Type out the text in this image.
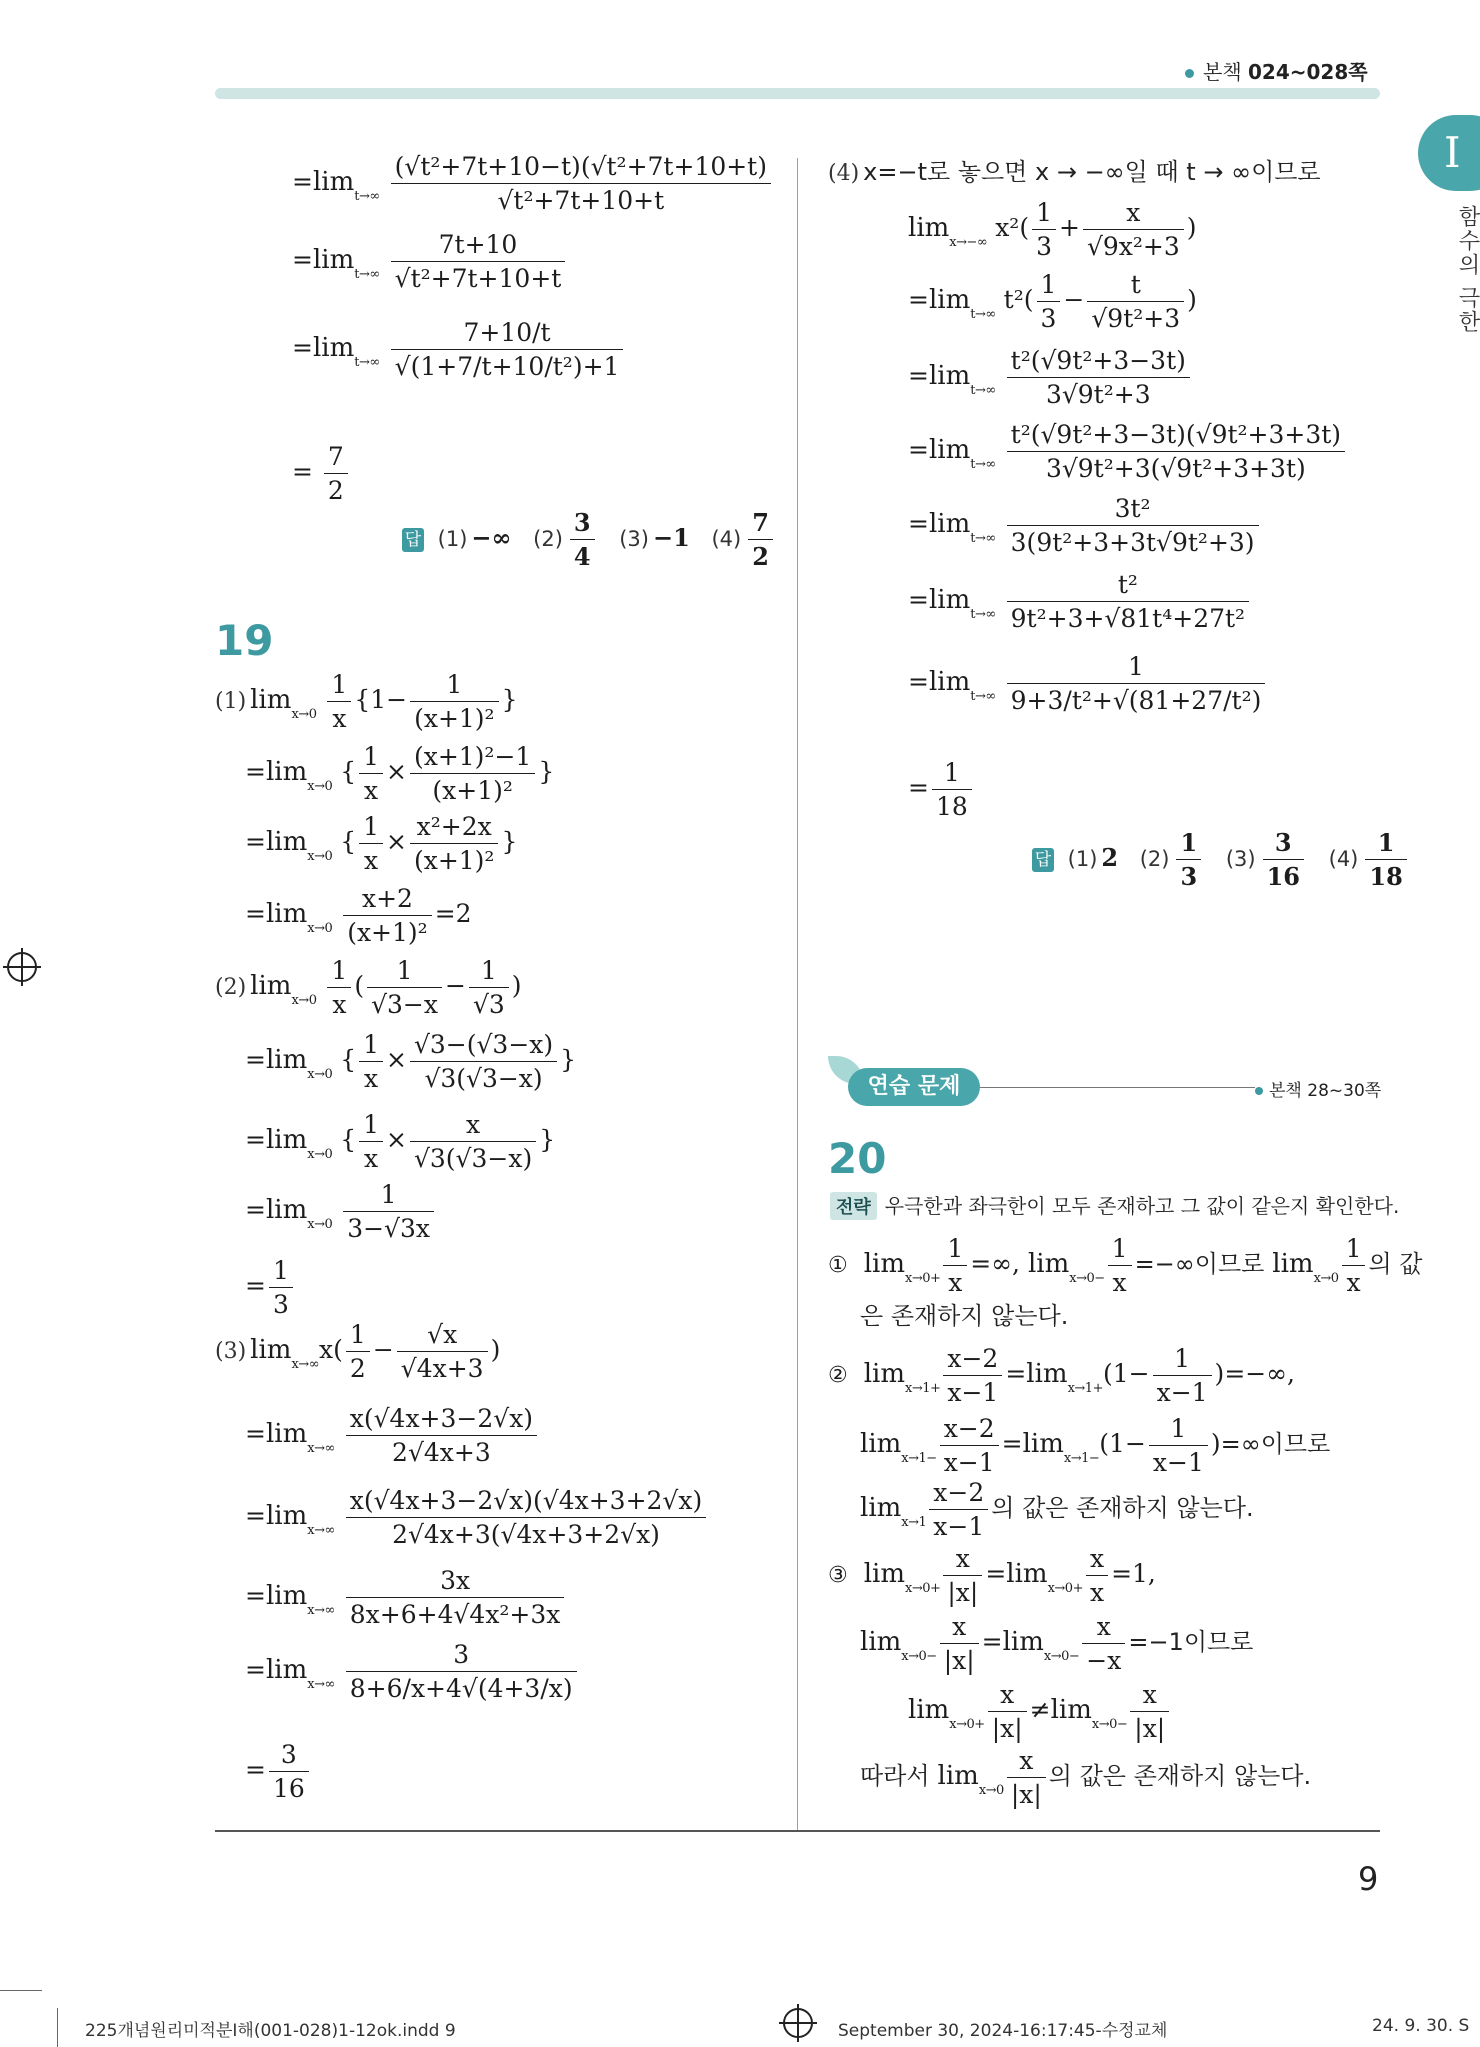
본책 024~028쪽
I
함수의 극한
$=\lim_{t\to\infty} \frac{\text{(√t²+7t+10−t)(√t²+7t+10+t)}}{\text{√t²+7t+10+t}}$
$=\lim_{t\to\infty} \frac{7t+10}{\text{√t²+7t+10+t}}$
$=\lim_{t\to\infty} \frac{7+10/t}{\text{√(1+7/t+10/t²)+1}}$
= $\frac{7}{2}$
답 (1) −∞ $(2) \frac{3}{4} (3) -1$ $(4) \frac{7}{2}$
19
(1) $\lim_{x\to 0} \frac{1}{x} \{1- \frac{1}{\text{(x+1)²}}$ }
$=\lim_{x\to 0}$ { $\frac{1}{x} \times \frac{\text{(x+1)²−1}}{\text{(x+1)²}}$ }
$=\lim_{x\to 0}$ { $\frac{1}{x} \times \frac{\text{x²+2x}}{\text{(x+1)²}}$ }
$=\lim_{x\to 0} \frac{x+2}{\text{(x+1)²}} =2$
(2) $\lim_{x\to 0} \frac{1}{x}$ ( $\frac{1}{√3-x} - \frac{1}{√3}$ )
$=\lim_{x\to 0}$ { $\frac{1}{x} \times \frac{√3-(√3-x)}{√3(√3-x)}$ }
$=\lim_{x\to 0}$ { $\frac{1}{x} \times \frac{x}{√3(√3-x)}$ }
$=\lim_{x\to 0} \frac{1}{3-√3x}$
= $\frac{1}{3}$
(3) $\lim_{x\to\infty}x( \frac{1}{2} - \frac{√x}{√4x+3}$ )
$=\lim_{x\to\infty} \frac{x(√4x+3-2√x)}{2√4x+3}$
$=\lim_{x\to\infty} \frac{x(√4x+3-2√x)(√4x+3+2√x)}{2√4x+3(√4x+3+2√x)}$
$=\lim_{x\to\infty} \frac{3x}{\text{8x+6+4√4x²+3x}}$
$=\lim_{x\to\infty} \frac{3}{8+6/x+4√(4+3/x)}$
= $\frac{3}{16}$
(4) x=−t로 놓으면 x → −∞일 때 t → ∞이므로
$\lim_{x\to-\infty} x^2( \frac{1}{3} + \frac{x}{\text{√9x²+3}}$ )
$=\lim_{t\to\infty}$ $t^2( \frac{1}{3} - \frac{t}{\text{√9t²+3}}$ )
$=\lim_{t\to\infty} \frac{\text{t²(√9t²+3−3t)}}{\text{3√9t²+3}}$
$=\lim_{t\to\infty} \frac{\text{t²(√9t²+3−3t)(√9t²+3+3t)}}{\text{3√9t²+3(√9t²+3+3t)}}$
$=\lim_{t\to\infty} \frac{\text{3t²}}{\text{3(9t²+3+3t√9t²+3)}}$
$=\lim_{t\to\infty} \frac{\text{t²}}{\text{9t²+3+√81t⁴+27t²}}$
$=\lim_{t\to\infty} \frac{1}{\text{9+3/t²+√(81+27/t²)}}$
= $\frac{1}{18}$
답 (1) 2 $(2) \frac{1}{3} (3) \frac{3}{16} (4) \frac{1}{18}$
연습 문제	본책 28~30쪽
20
전략 우극한과 좌극한이 모두 존재하고 그 값이 같은지 확인한다.
① $\lim_{x\to 0+} \frac{1}{x}$ =∞, $\lim_{x\to 0-} \frac{1}{x}$ =−∞이므로 $\lim_{x\to 0} \frac{1}{x}$ 의 값
은 존재하지 않는다.
② $\lim_{x\to 1+} \frac{x-2}{x-1} =\lim_{x\to 1+}(1- \frac{1}{x-1}$ )=−∞,
$\lim_{x\to 1-} \frac{x-2}{x-1} =\lim_{x\to 1-}(1- \frac{1}{x-1}$ )=∞이므로
$\lim_{x\to 1} \frac{x-2}{x-1}$ 의 값은 존재하지 않는다.
③ $\lim_{x\to 0+} \frac{x}{|x|} =\lim_{x\to 0+} \frac{x}{x} =1$,
$\lim_{x\to 0-} \frac{x}{|x|} =\lim_{x\to 0-} \frac{x}{-x} =-1$이므로
$\lim_{x\to 0+} \frac{x}{|x|} \ne\lim_{x\to 0-} \frac{x}{|x|}$
따라서 $\lim_{x\to 0} \frac{x}{|x|}$ 의 값은 존재하지 않는다.
9
225개념원리미적분Ⅰ해(001-028)1-12ok.indd 9	September 30, 2024-16:17:45-수정교체	24. 9. 30. S
